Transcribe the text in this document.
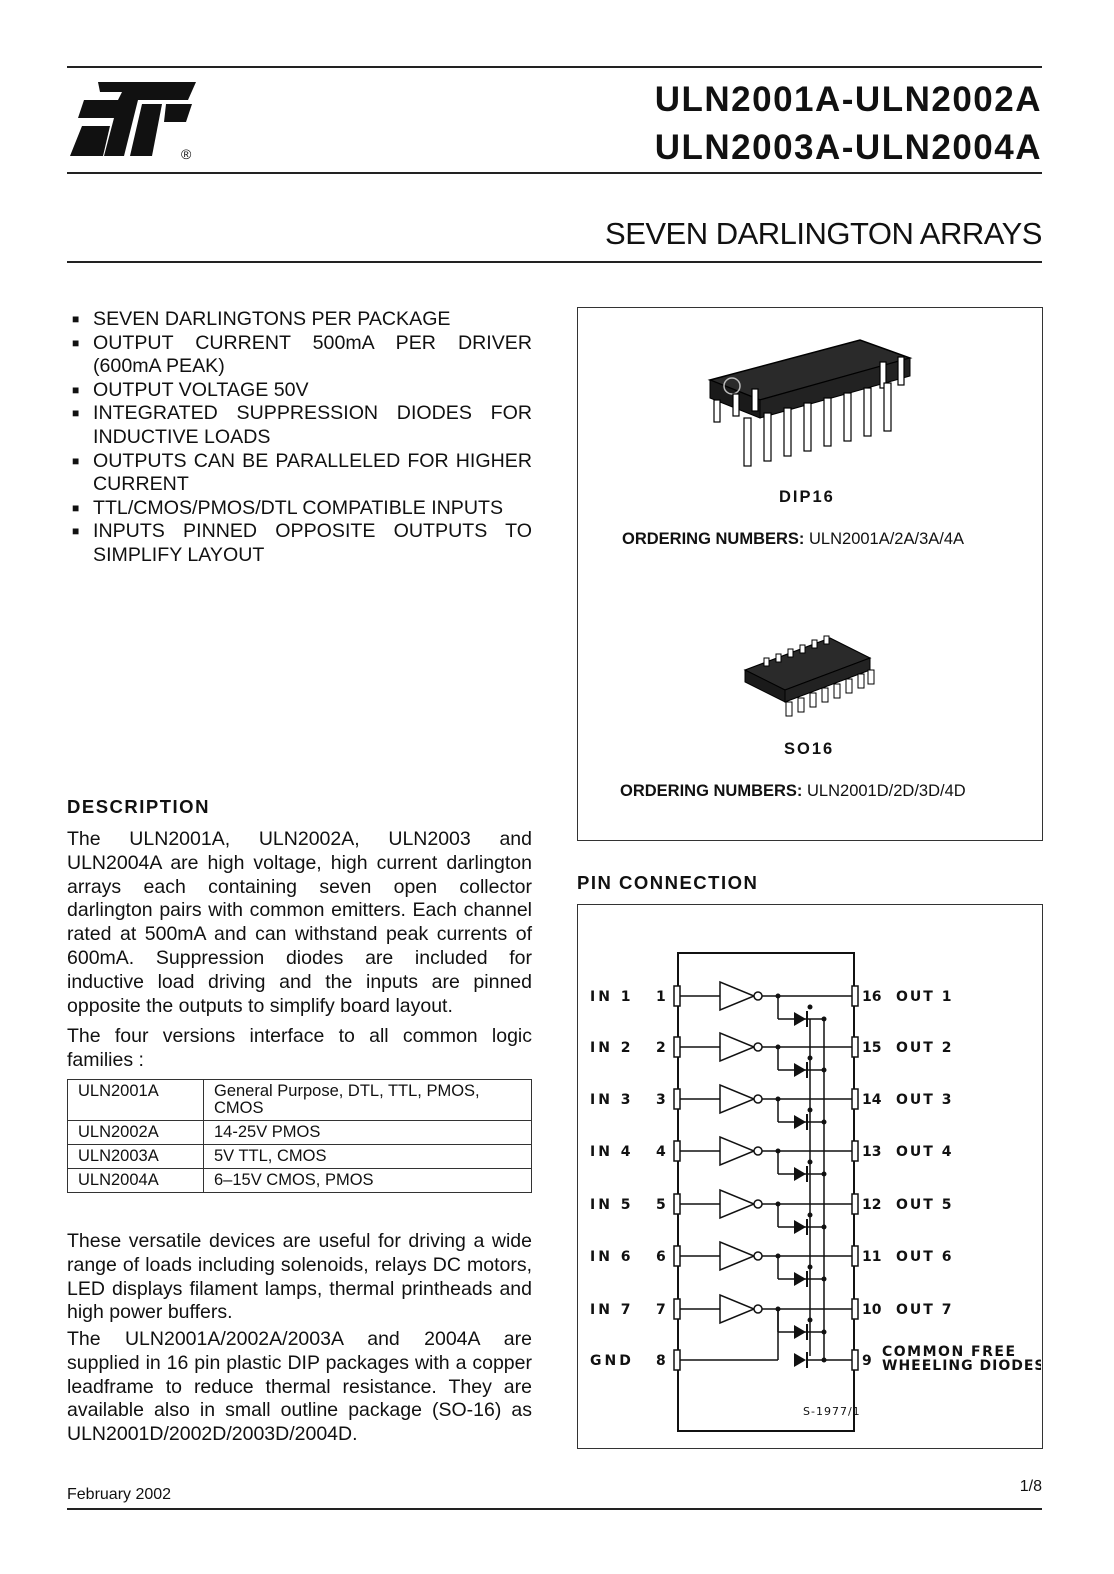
®
ULN2001A-ULN2002A
ULN2003A-ULN2004A
SEVEN DARLINGTON ARRAYS
■ SEVEN DARLINGTONS PER PACKAGE
■ OUTPUT CURRENT 500mA PER DRIVER (600mA PEAK)
■ OUTPUT VOLTAGE 50V
■ INTEGRATED SUPPRESSION DIODES FOR INDUCTIVE LOADS
■ OUTPUTS CAN BE PARALLELED FOR HIGHER CURRENT
■ TTL/CMOS/PMOS/DTL COMPATIBLE INPUTS
■ INPUTS PINNED OPPOSITE OUTPUTS TO SIMPLIFY LAYOUT
DIP16
ORDERING NUMBERS: ULN2001A/2A/3A/4A
SO16
ORDERING NUMBERS: ULN2001D/2D/3D/4D
DESCRIPTION

The ULN2001A, ULN2002A, ULN2003 and ULN2004A are high voltage, high current darlington arrays each containing seven open collector darlington pairs with common emitters. Each channel rated at 500mA and can withstand peak currents of 600mA. Suppression diodes are included for inductive load driving and the inputs are pinned opposite the outputs to simplify board layout.

The four versions interface to all common logic families :

ULN2001A	General Purpose, DTL, TTL, PMOS, CMOS
ULN2002A	14-25V PMOS
ULN2003A	5V TTL, CMOS
ULN2004A	6–15V CMOS, PMOS

These versatile devices are useful for driving a wide range of loads including solenoids, relays DC motors, LED displays filament lamps, thermal printheads and high power buffers.

The ULN2001A/2002A/2003A and 2004A are supplied in 16 pin plastic DIP packages with a copper leadframe to reduce thermal resistance. They are available also in small outline package (SO-16) as ULN2001D/2002D/2003D/2004D.

PIN CONNECTION
IN 1 1	16 OUT 1
IN 2 2	15 OUT 2
IN 3 3	14 OUT 3
IN 4 4	13 OUT 4
IN 5 5	12 OUT 5
IN 6 6	11 OUT 6
IN 7 7	10 OUT 7
GND 8	9
COMMON FREE
WHEELING DIODES
S-1977/1
February 2002	1/8
